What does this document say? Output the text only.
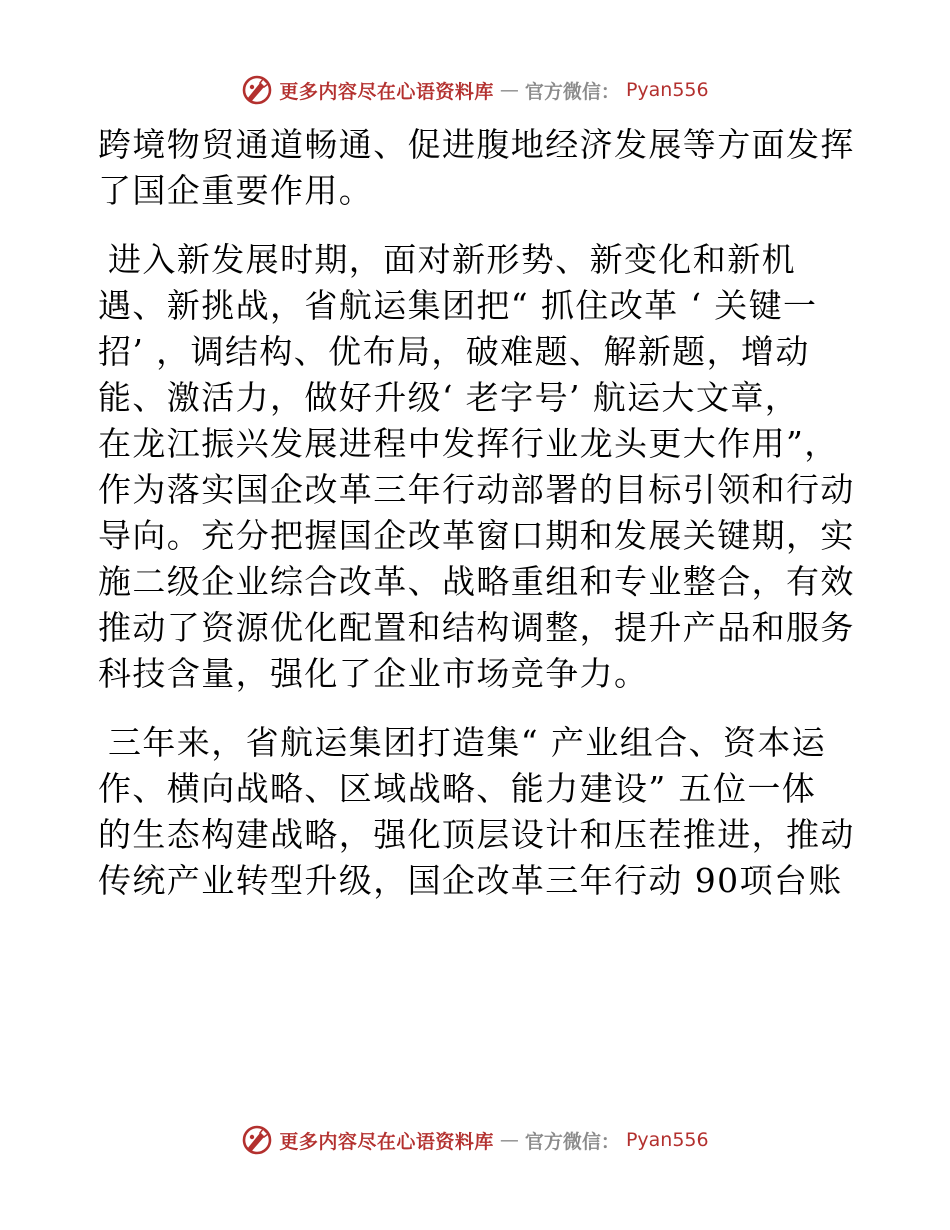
更多内容尽在心语资料库 — 官方微信： Pyan556

跨境物贸通道畅通、促进腹地经济发展等方面发挥
了国企重要作用。

进入新发展时期，面对新形势、新变化和新机
遇、新挑战，省航运集团把“ 抓住改革 ‘ 关键一
招’ ，调结构、优布局，破难题、解新题，增动
能、激活力，做好升级‘ 老字号’ 航运大文章，
在龙江振兴发展进程中发挥行业龙头更大作用”，
作为落实国企改革三年行动部署的目标引领和行动
导向。充分把握国企改革窗口期和发展关键期，实
施二级企业综合改革、战略重组和专业整合，有效
推动了资源优化配置和结构调整，提升产品和服务
科技含量，强化了企业市场竞争力。

三年来，省航运集团打造集“ 产业组合、资本运
作、横向战略、区域战略、能力建设” 五位一体
的生态构建战略，强化顶层设计和压茬推进，推动
传统产业转型升级，国企改革三年行动 90项台账

更多内容尽在心语资料库 — 官方微信： Pyan556
